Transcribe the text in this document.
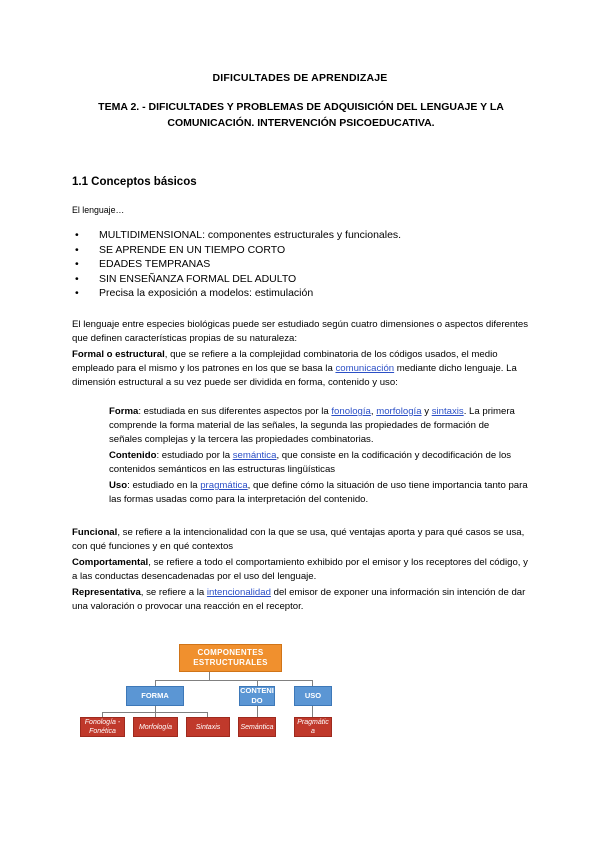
DIFICULTADES DE APRENDIZAJE
TEMA 2. - DIFICULTADES Y PROBLEMAS DE ADQUISICIÓN DEL LENGUAJE Y LA COMUNICACIÓN. INTERVENCIÓN PSICOEDUCATIVA.
1.1 Conceptos básicos
El lenguaje…
• MULTIDIMENSIONAL: componentes estructurales y funcionales.
• SE APRENDE EN UN TIEMPO CORTO
• EDADES TEMPRANAS
• SIN ENSEÑANZA FORMAL DEL ADULTO
• Precisa la exposición a modelos: estimulación
El lenguaje entre especies biológicas puede ser estudiado según cuatro dimensiones o aspectos diferentes que definen características propias de su naturaleza:
Formal o estructural, que se refiere a la complejidad combinatoria de los códigos usados, el medio empleado para el mismo y los patrones en los que se basa la comunicación mediante dicho lenguaje. La dimensión estructural a su vez puede ser dividida en forma, contenido y uso:
Forma: estudiada en sus diferentes aspectos por la fonología, morfología y sintaxis. La primera comprende la forma material de las señales, la segunda las propiedades de formación de señales complejas y la tercera las propiedades combinatorias.
Contenido: estudiado por la semántica, que consiste en la codificación y decodificación de los contenidos semánticos en las estructuras lingüísticas
Uso: estudiado en la pragmática, que define cómo la situación de uso tiene importancia tanto para las formas usadas como para la interpretación del contenido.
Funcional, se refiere a la intencionalidad con la que se usa, qué ventajas aporta y para qué casos se usa, con qué funciones y en qué contextos
Comportamental, se refiere a todo el comportamiento exhibido por el emisor y los receptores del código, y a las conductas desencadenadas por el uso del lenguaje.
Representativa, se refiere a la intencionalidad del emisor de exponer una información sin intención de dar una valoración o provocar una reacción en el receptor.
COMPONENTES ESTRUCTURALES
FORMA
CONTENI DO
USO
Fonología - Fonética
Morfología	Sintaxis	Semántica
Pragmátic a
